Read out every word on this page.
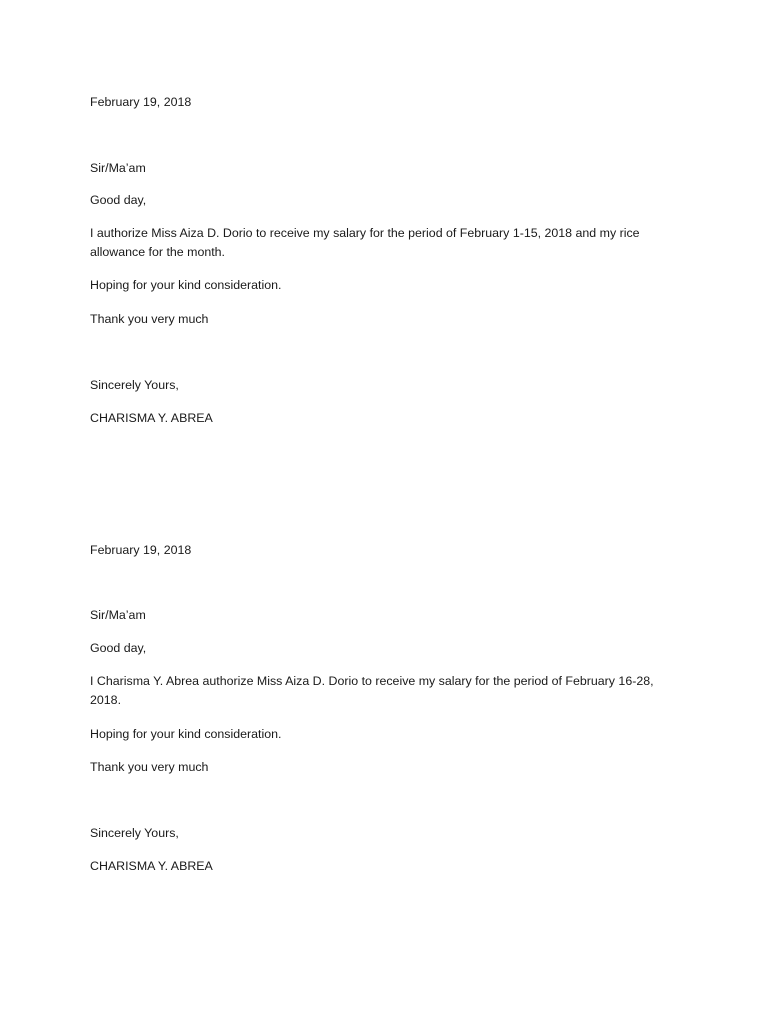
February 19, 2018

Sir/Ma’am

Good day,

I authorize Miss Aiza D. Dorio to receive my salary for the period of February 1-15, 2018 and my rice

allowance for the month.

Hoping for your kind consideration.

Thank you very much

Sincerely Yours,

CHARISMA Y. ABREA

February 19, 2018

Sir/Ma’am

Good day,

I Charisma Y. Abrea authorize Miss Aiza D. Dorio to receive my salary for the period of February 16-28,

2018.

Hoping for your kind consideration.

Thank you very much

Sincerely Yours,

CHARISMA Y. ABREA
